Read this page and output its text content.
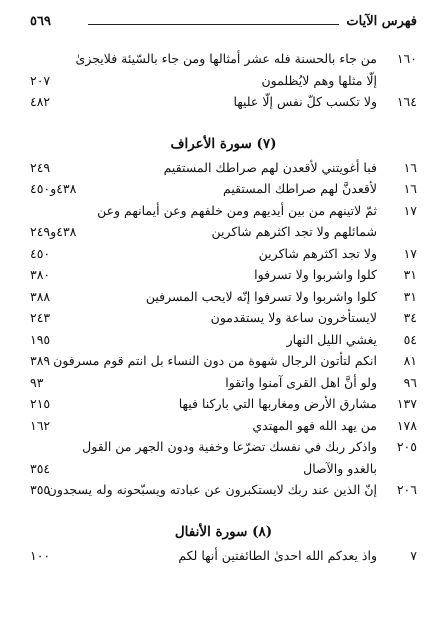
فهرس الآيات
٥٦٩
١٦٠
من جاء بالحسنة فله عشر أمثالها ومن جاء بالسّيئة فلايجزىٰ
إلّا مثلها وهم لايُظلمون
٢٠٧
١٦٤
ولا تكسب كلّ نفس إلّا عليها
٤٨٢
(٧) سورة الأعراف
١٦
فبا أغويتني لأقعدن لهم صراطك المستقيم
٢٤٩
١٦
لأقعدنَّ لهم صراطك المستقيم
٤٣٨و٤٥٠
١٧
ثمّ لاتينهم من بين أيديهم ومن خلفهم وعن أيمانهم وعن
شمائلهم ولا تجد اكثرهم شاكرين
٤٣٨و٢٤٩
١٧
ولا تجد اكثرهم شاكرين
٤٥٠
٣١
كلوا واشربوا ولا تسرفوا
٣٨٠
٣١
كلوا واشربوا ولا تسرفوا إنّه لايحب المسرفين
٣٨٨
٣٤
لايستأخرون ساعة ولا يستقدمون
٢٤٣
٥٤
يغشي الليل النهار
١٩٥
٨١
انكم لتأتون الرجال شهوة من دون النساء بل انتم قوم مسرفون
٣٨٩
٩٦
ولو أنَّ اهل القرى آمنوا واتقوا
٩٣
١٣٧
مشارق الأرض ومغاربها التي باركنا فيها
٢١٥
١٧٨
من يهد الله فهو المهتدي
١٦٢
٢٠٥
واذكر ربك في نفسك تضرّعا وخفية ودون الجهر من القول
بالغدو والآصال
٣٥٤
٢٠٦
إنّ الذين عند ربك لايستكبرون عن عبادته ويسبّحونه وله يسجدون
٣٥٥
(٨) سورة الأنفال
٧
واذ يعدكم الله احدىٰ الطائفتين أنها لكم
١٠٠
